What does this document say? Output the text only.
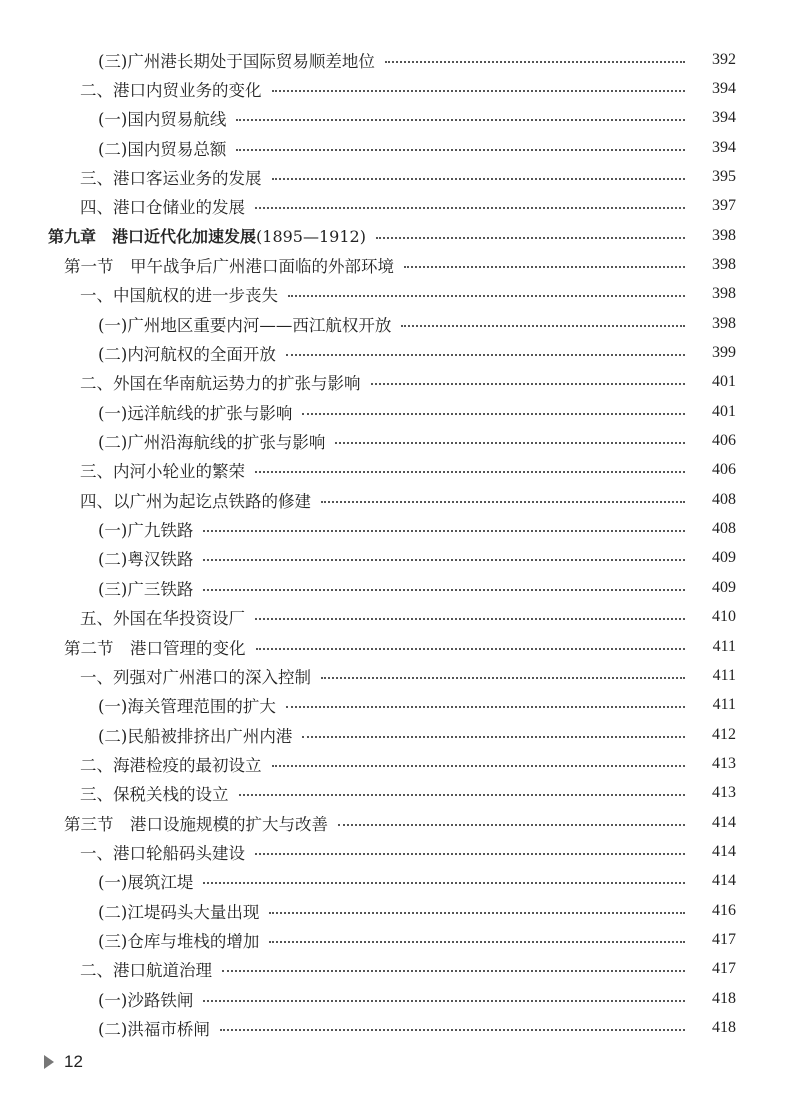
(三)广州港长期处于国际贸易顺差地位	392
二、港口内贸业务的变化	394
(一)国内贸易航线	394
(二)国内贸易总额	394
三、港口客运业务的发展	395
四、港口仓储业的发展	397
第九章　港口近代化加速发展(1895—1912)	398
第一节　甲午战争后广州港口面临的外部环境	398
一、中国航权的进一步丧失	398
(一)广州地区重要内河——西江航权开放	398
(二)内河航权的全面开放	399
二、外国在华南航运势力的扩张与影响	401
(一)远洋航线的扩张与影响	401
(二)广州沿海航线的扩张与影响	406
三、内河小轮业的繁荣	406
四、以广州为起讫点铁路的修建	408
(一)广九铁路	408
(二)粤汉铁路	409
(三)广三铁路	409
五、外国在华投资设厂	410
第二节　港口管理的变化	411
一、列强对广州港口的深入控制	411
(一)海关管理范围的扩大	411
(二)民船被排挤出广州内港	412
二、海港检疫的最初设立	413
三、保税关栈的设立	413
第三节　港口设施规模的扩大与改善	414
一、港口轮船码头建设	414
(一)展筑江堤	414
(二)江堤码头大量出现	416
(三)仓库与堆栈的增加	417
二、港口航道治理	417
(一)沙路铁闸	418
(二)洪福市桥闸	418
12
